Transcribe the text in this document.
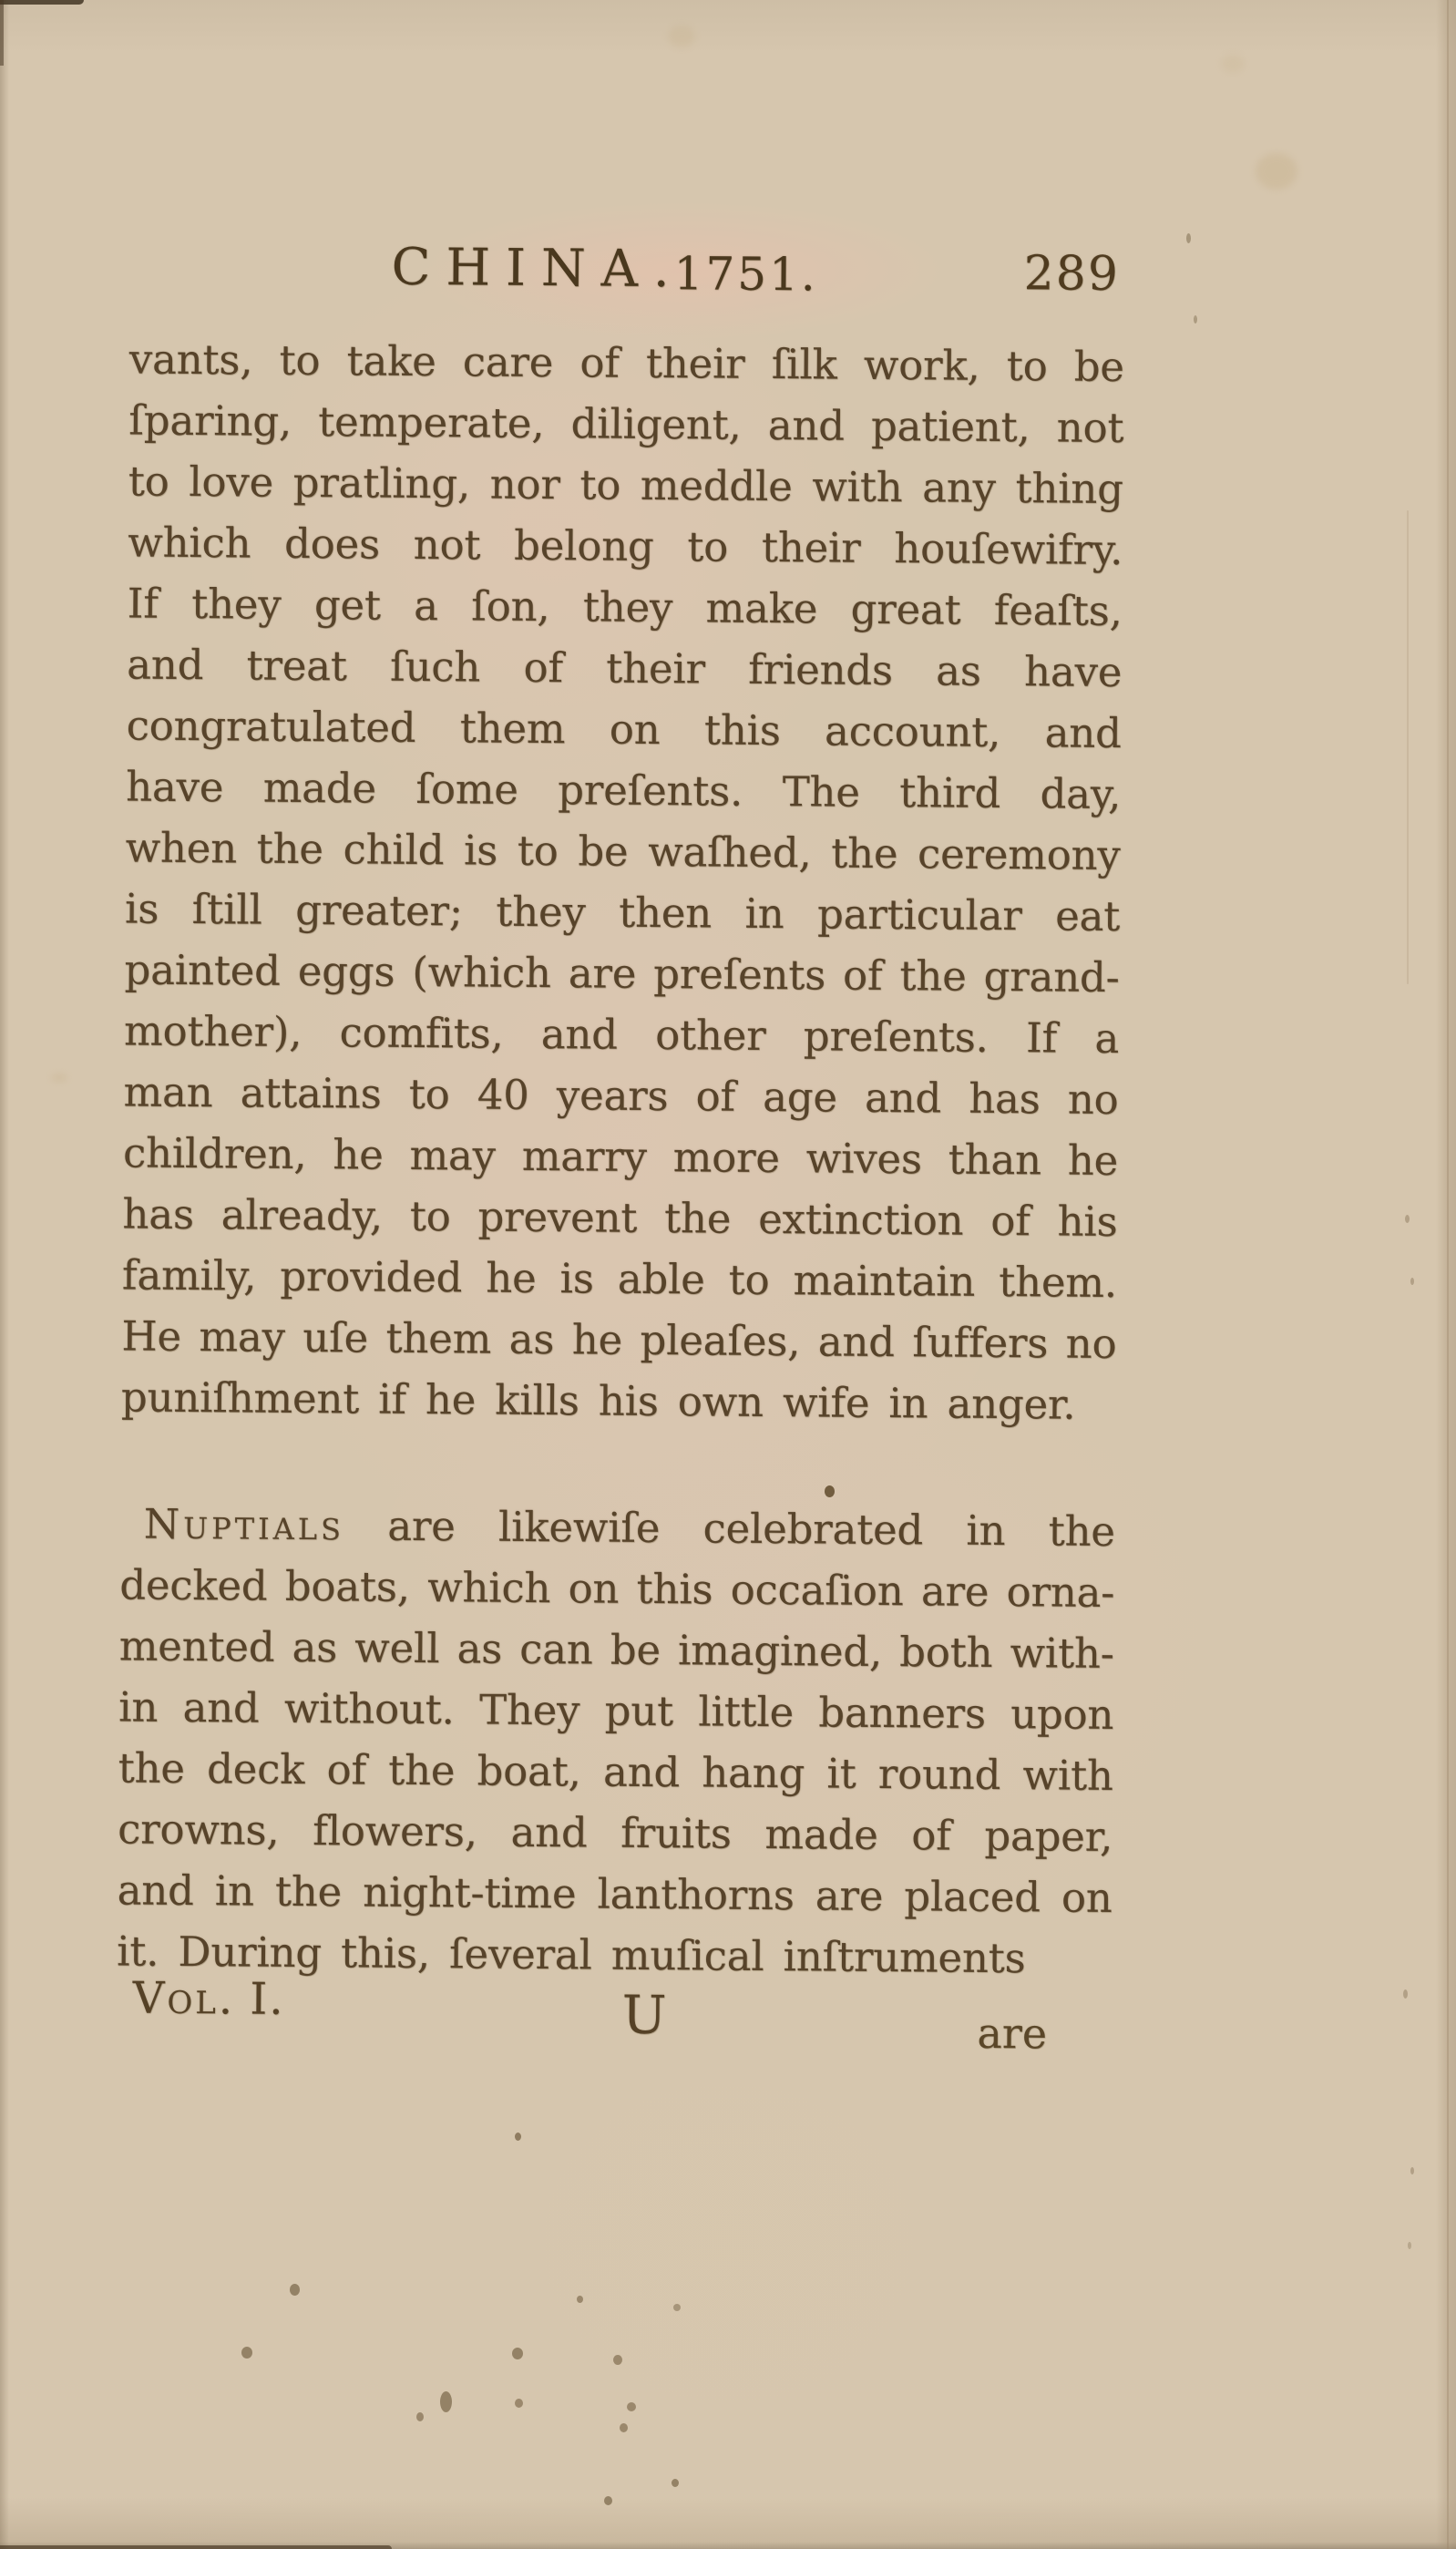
CHINA.
1751.	289
vants, to take care of their ſilk work, to be
ſparing, temperate, diligent, and patient, not
to love pratling, nor to meddle with any thing
which does not belong to their houſewifry.
If they get a ſon, they make great feaſts,
and treat ſuch of their friends as have
congratulated them on this account, and
have made ſome preſents. The third day,
when the child is to be waſhed, the ceremony
is ſtill greater; they then in particular eat
painted eggs (which are preſents of the grand-
mother), comfits, and other preſents. If a
man attains to 40 years of age and has no
children, he may marry more wives than he
has already, to prevent the extinction of his
family, provided he is able to maintain them.
He may uſe them as he pleaſes, and ſuffers no
puniſhment if he kills his own wife in anger.
Nuptials are likewiſe celebrated in the
decked boats, which on this occaſion are orna-
mented as well as can be imagined, both with-
in and without. They put little banners upon
the deck of the boat, and hang it round with
crowns, flowers, and fruits made of paper,
and in the night-time lanthorns are placed on
it. During this, ſeveral muſical inſtruments
Vol. I.	U	are
